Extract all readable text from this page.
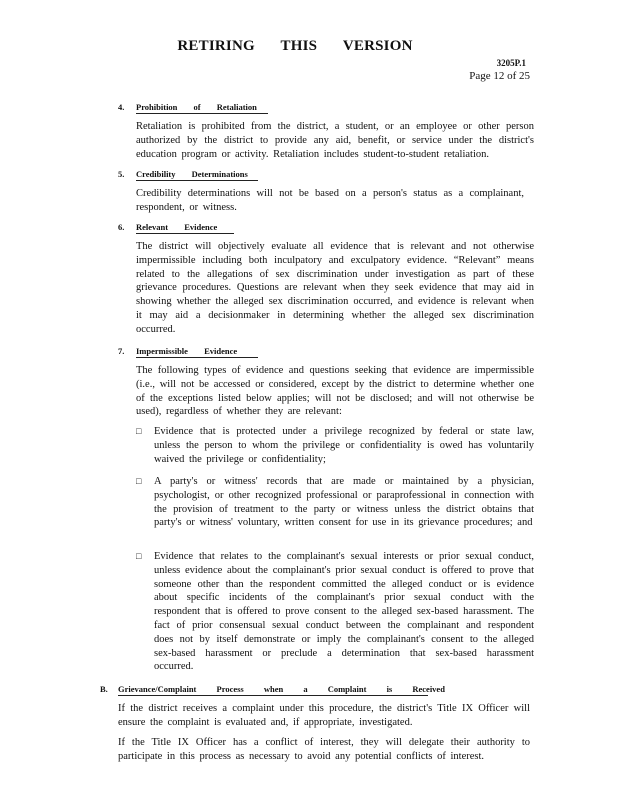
RETIRING THIS VERSION
3205P.1
Page 12 of 25
4. Prohibition of Retaliation
Retaliation is prohibited from the district, a student, or an employee or other person authorized by the district to provide any aid, benefit, or service under the district's education program or activity. Retaliation includes student-to-student retaliation.
5. Credibility Determinations
Credibility determinations will not be based on a person's status as a complainant, respondent, or witness.
6. Relevant Evidence
The district will objectively evaluate all evidence that is relevant and not otherwise impermissible including both inculpatory and exculpatory evidence. “Relevant” means related to the allegations of sex discrimination under investigation as part of these grievance procedures. Questions are relevant when they seek evidence that may aid in showing whether the alleged sex discrimination occurred, and evidence is relevant when it may aid a decisionmaker in determining whether the alleged sex discrimination occurred.
7. Impermissible Evidence
The following types of evidence and questions seeking that evidence are impermissible (i.e., will not be accessed or considered, except by the district to determine whether one of the exceptions listed below applies; will not be disclosed; and will not otherwise be used), regardless of whether they are relevant:
□ Evidence that is protected under a privilege recognized by federal or state law, unless the person to whom the privilege or confidentiality is owed has voluntarily waived the privilege or confidentiality;
□ A party's or witness' records that are made or maintained by a physician, psychologist, or other recognized professional or paraprofessional in connection with the provision of treatment to the party or witness unless the district obtains that party's or witness' voluntary, written consent for use in its grievance procedures; and
□ Evidence that relates to the complainant's sexual interests or prior sexual conduct, unless evidence about the complainant's prior sexual conduct is offered to prove that someone other than the respondent committed the alleged conduct or is evidence about specific incidents of the complainant's prior sexual conduct with the respondent that is offered to prove consent to the alleged sex-based harassment. The fact of prior consensual sexual conduct between the complainant and respondent does not by itself demonstrate or imply the complainant's consent to the alleged sex-based harassment or preclude a determination that sex-based harassment occurred.
B. Grievance/Complaint Process when a Complaint is Received
If the district receives a complaint under this procedure, the district's Title IX Officer will ensure the complaint is evaluated and, if appropriate, investigated.
If the Title IX Officer has a conflict of interest, they will delegate their authority to participate in this process as necessary to avoid any potential conflicts of interest.
